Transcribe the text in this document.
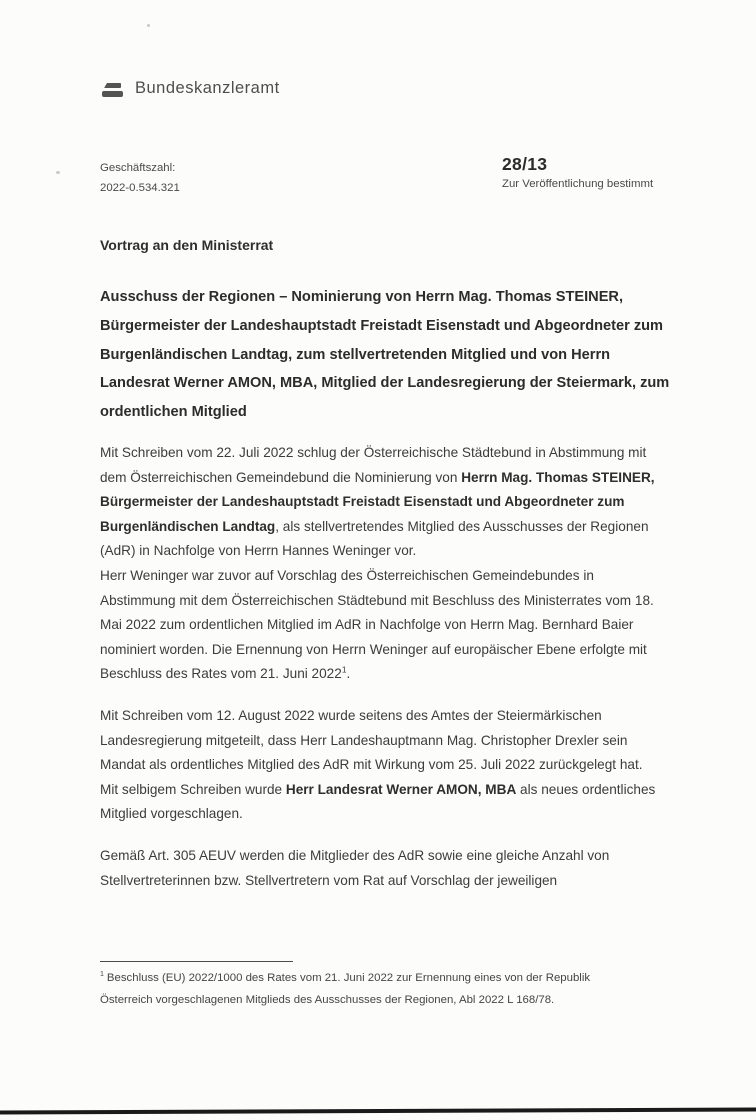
Bundeskanzleramt
Geschäftszahl:
2022-0.534.321
28/13
Zur Veröffentlichung bestimmt
Vortrag an den Ministerrat
Ausschuss der Regionen – Nominierung von Herrn Mag. Thomas STEINER, Bürgermeister der Landeshauptstadt Freistadt Eisenstadt und Abgeordneter zum Burgenländischen Landtag, zum stellvertretenden Mitglied und von Herrn Landesrat Werner AMON, MBA, Mitglied der Landesregierung der Steiermark, zum ordentlichen Mitglied
Mit Schreiben vom 22. Juli 2022 schlug der Österreichische Städtebund in Abstimmung mit dem Österreichischen Gemeindebund die Nominierung von Herrn Mag. Thomas STEINER, Bürgermeister der Landeshauptstadt Freistadt Eisenstadt und Abgeordneter zum Burgenländischen Landtag, als stellvertretendes Mitglied des Ausschusses der Regionen (AdR) in Nachfolge von Herrn Hannes Weninger vor.
Herr Weninger war zuvor auf Vorschlag des Österreichischen Gemeindebundes in Abstimmung mit dem Österreichischen Städtebund mit Beschluss des Ministerrates vom 18. Mai 2022 zum ordentlichen Mitglied im AdR in Nachfolge von Herrn Mag. Bernhard Baier nominiert worden. Die Ernennung von Herrn Weninger auf europäischer Ebene erfolgte mit Beschluss des Rates vom 21. Juni 2022$^1$.
Mit Schreiben vom 12. August 2022 wurde seitens des Amtes der Steiermärkischen Landesregierung mitgeteilt, dass Herr Landeshauptmann Mag. Christopher Drexler sein Mandat als ordentliches Mitglied des AdR mit Wirkung vom 25. Juli 2022 zurückgelegt hat. Mit selbigem Schreiben wurde Herr Landesrat Werner AMON, MBA als neues ordentliches Mitglied vorgeschlagen.
Gemäß Art. 305 AEUV werden die Mitglieder des AdR sowie eine gleiche Anzahl von Stellvertreterinnen bzw. Stellvertretern vom Rat auf Vorschlag der jeweiligen
$^1$ Beschluss (EU) 2022/1000 des Rates vom 21. Juni 2022 zur Ernennung eines von der Republik Österreich vorgeschlagenen Mitglieds des Ausschusses der Regionen, Abl 2022 L 168/78.
